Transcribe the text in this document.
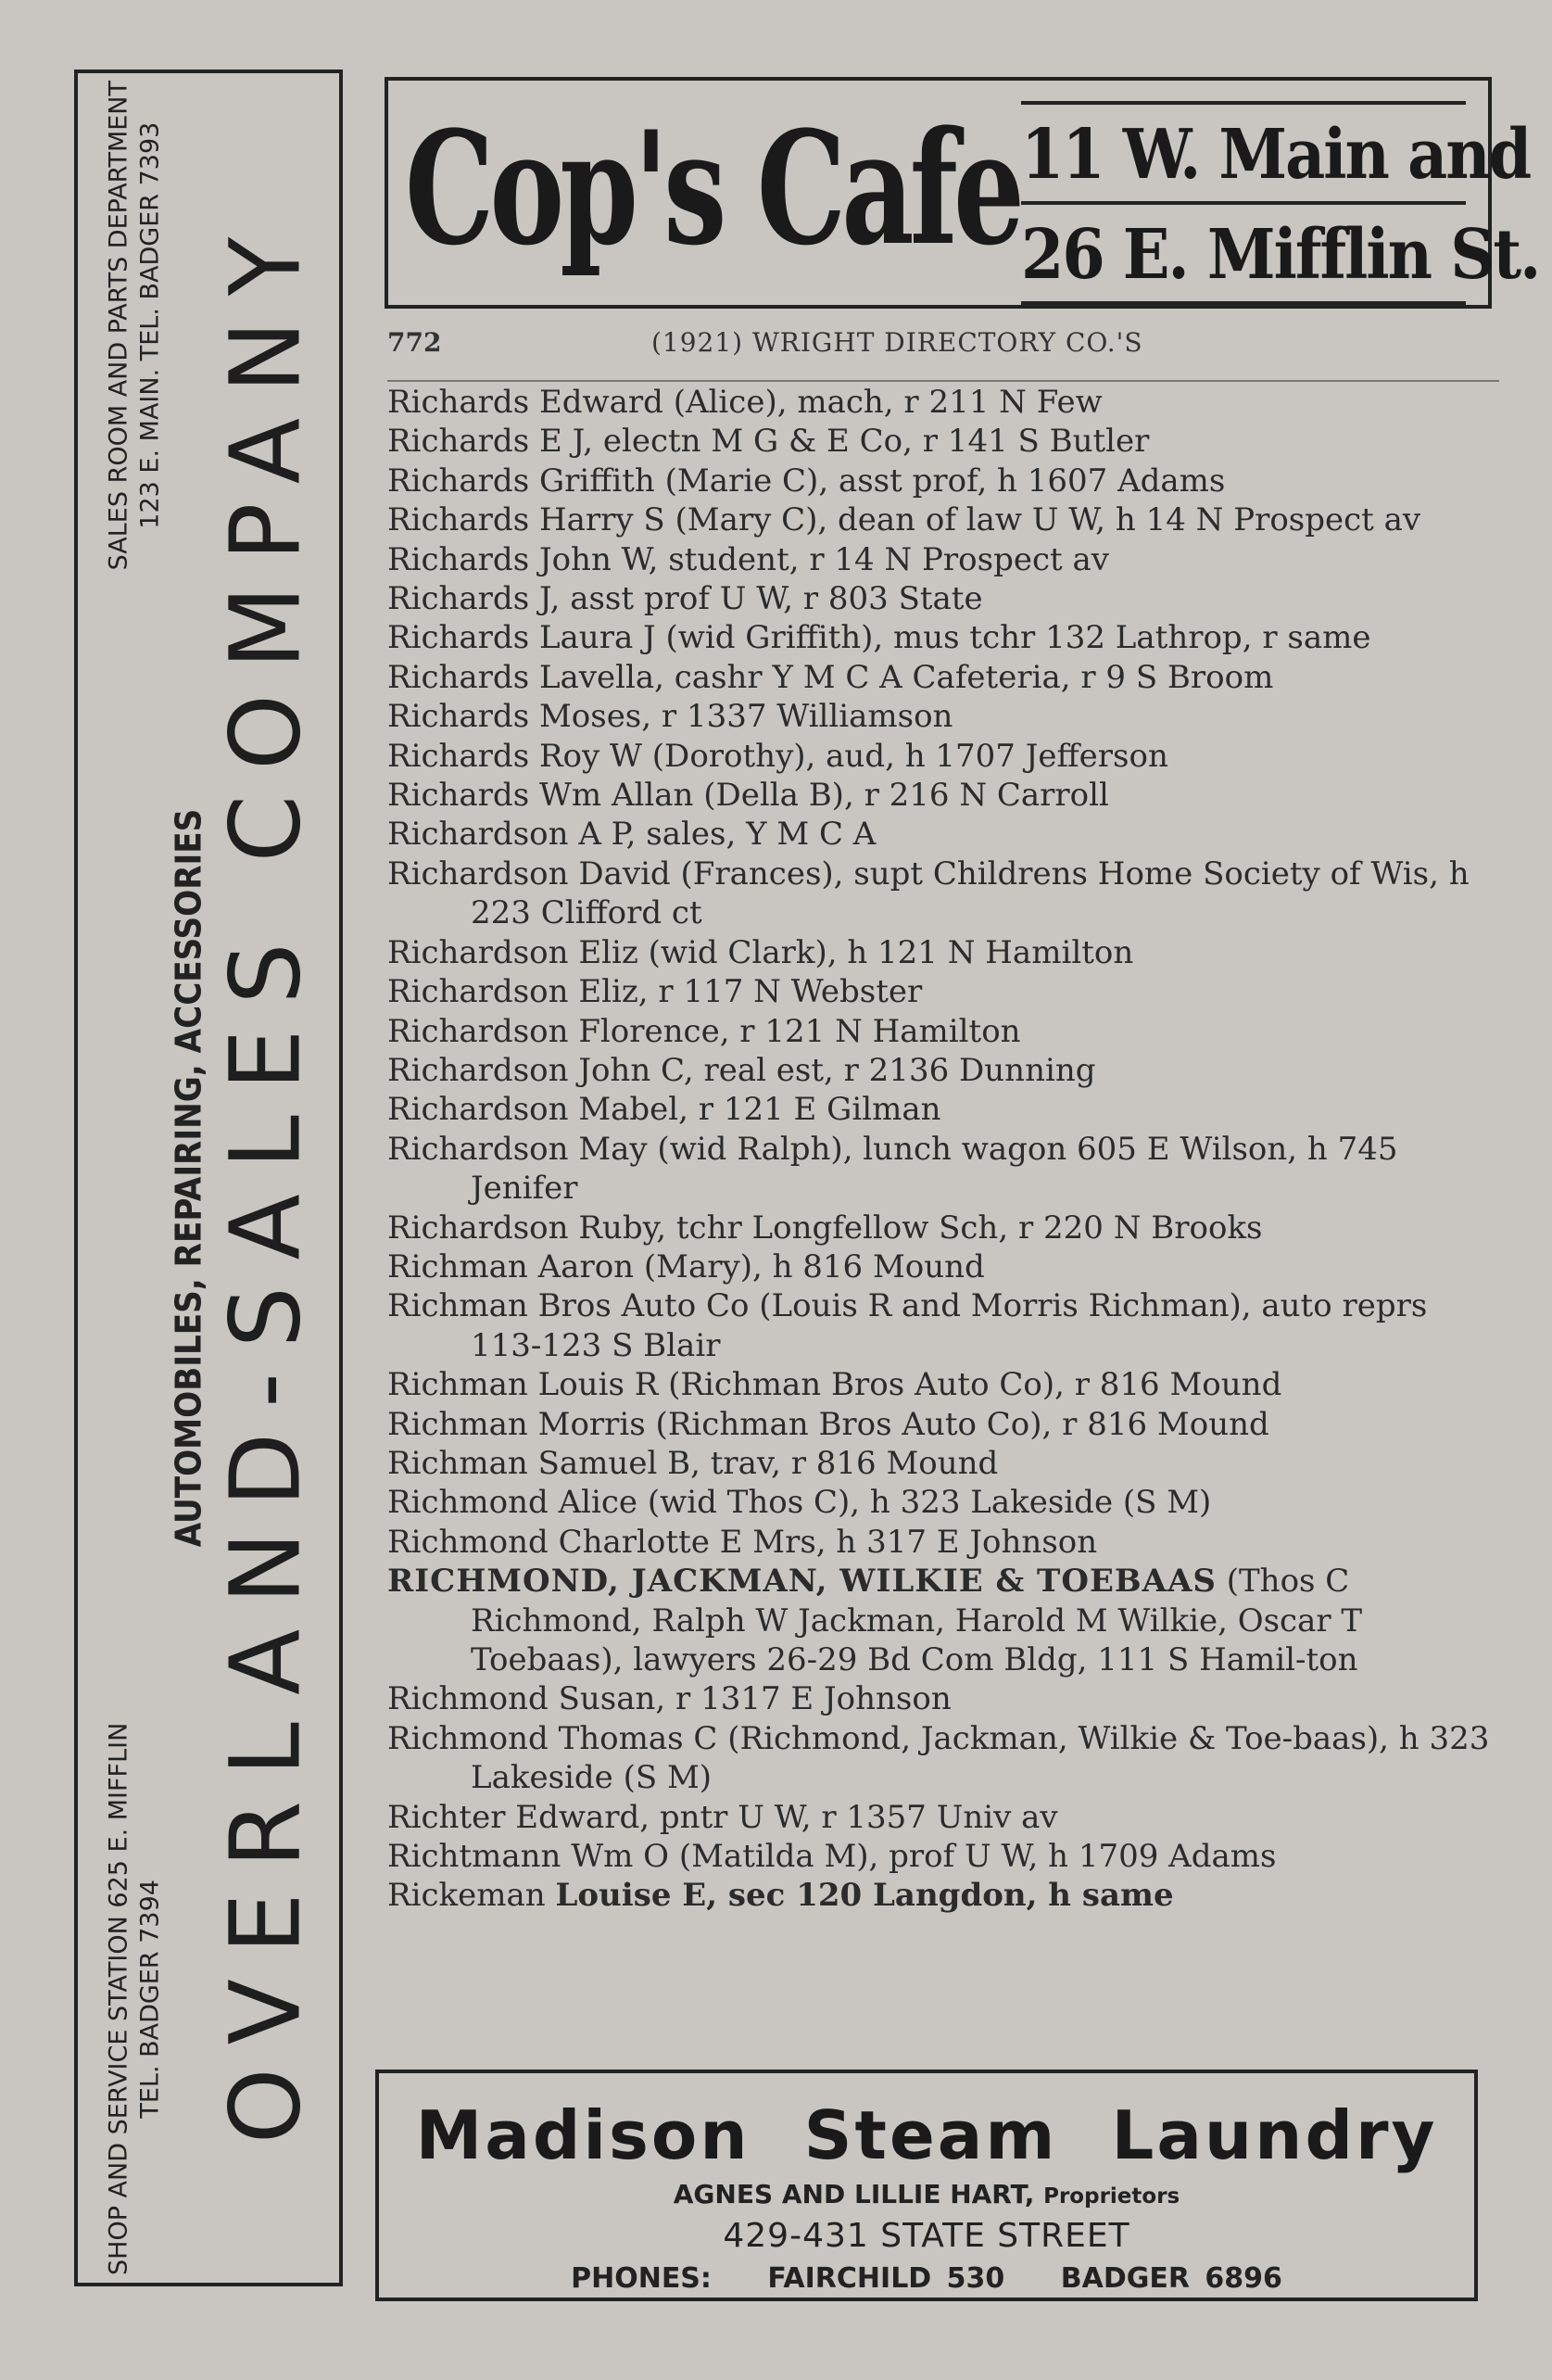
SHOP AND SERVICE STATION 625 E. MIFFLIN TEL. BADGER 7394
SALES ROOM AND PARTS DEPARTMENT 123 E. MAIN. TEL. BADGER 7393
AUTOMOBILES, REPAIRING, ACCESSORIES OVERLAND-SALES COMPANY
Cop's Cafe 11 W. Main and
26 E. Mifflin St.
772	(1921) WRIGHT DIRECTORY CO.'S
Richards Edward (Alice), mach, r 211 N Few
Richards E J, electn M G & E Co, r 141 S Butler
Richards Griffith (Marie C), asst prof, h 1607 Adams
Richards Harry S (Mary C), dean of law U W, h 14 N Prospect av
Richards John W, student, r 14 N Prospect av
Richards J, asst prof U W, r 803 State
Richards Laura J (wid Griffith), mus tchr 132 Lathrop, r same
Richards Lavella, cashr Y M C A Cafeteria, r 9 S Broom
Richards Moses, r 1337 Williamson
Richards Roy W (Dorothy), aud, h 1707 Jefferson
Richards Wm Allan (Della B), r 216 N Carroll
Richardson A P, sales, Y M C A
Richardson David (Frances), supt Childrens Home Society of Wis, h 223 Clifford ct
Richardson Eliz (wid Clark), h 121 N Hamilton
Richardson Eliz, r 117 N Webster
Richardson Florence, r 121 N Hamilton
Richardson John C, real est, r 2136 Dunning
Richardson Mabel, r 121 E Gilman
Richardson May (wid Ralph), lunch wagon 605 E Wilson, h 745 Jenifer
Richardson Ruby, tchr Longfellow Sch, r 220 N Brooks
Richman Aaron (Mary), h 816 Mound
Richman Bros Auto Co (Louis R and Morris Richman), auto reprs 113-123 S Blair
Richman Louis R (Richman Bros Auto Co), r 816 Mound
Richman Morris (Richman Bros Auto Co), r 816 Mound
Richman Samuel B, trav, r 816 Mound
Richmond Alice (wid Thos C), h 323 Lakeside (S M)
Richmond Charlotte E Mrs, h 317 E Johnson
RICHMOND, JACKMAN, WILKIE & TOEBAAS (Thos C Richmond, Ralph W Jackman, Harold M Wilkie, Oscar T Toebaas), lawyers 26-29 Bd Com Bldg, 111 S Hamil-ton
Richmond Susan, r 1317 E Johnson
Richmond Thomas C (Richmond, Jackman, Wilkie & Toe-baas), h 323 Lakeside (S M)
Richter Edward, pntr U W, r 1357 Univ av
Richtmann Wm O (Matilda M), prof U W, h 1709 Adams
Rickeman Louise E, sec 120 Langdon, h same
Madison Steam Laundry
AGNES AND LILLIE HART, Proprietors
429-431 STATE STREET
PHONES: FAIRCHILD 530 BADGER 6896
